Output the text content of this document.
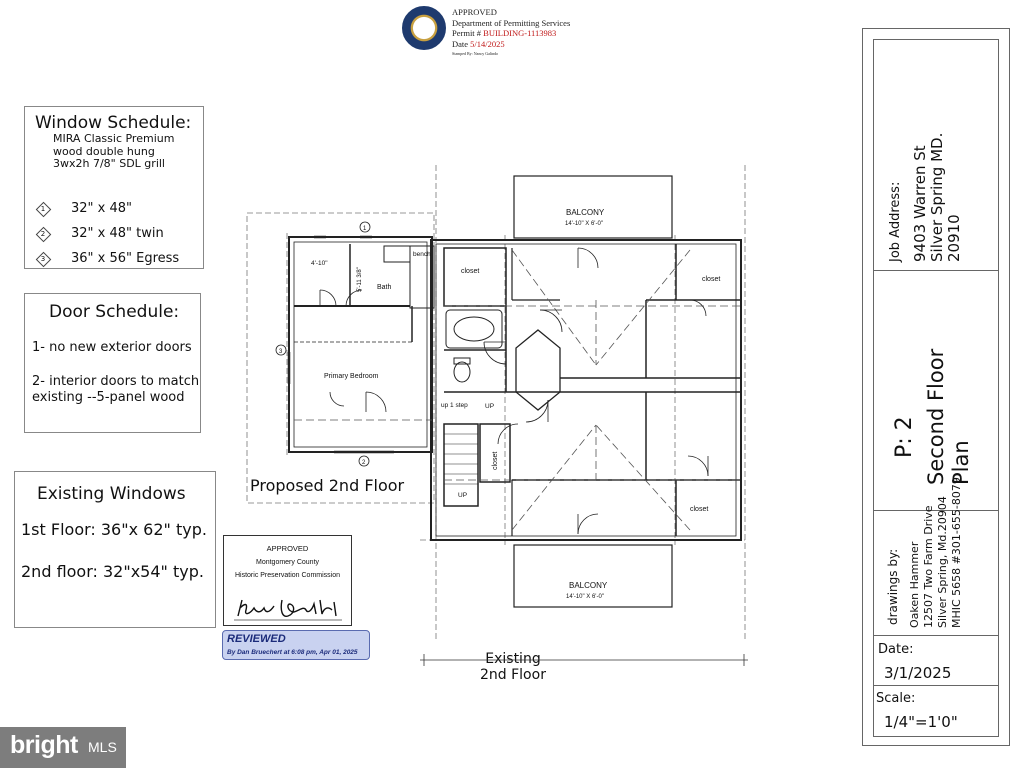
APPROVED
Department of Permitting Services
Permit # BUILDING-1113983
Date 5/14/2025
Stamped By: Nancy Galindo
Window Schedule:
MIRA Classic Premium
wood double hung
3wx2h 7/8" SDL grill
1 32" x 48"
2 32" x 48" twin
3 36" x 56" Egress
Door Schedule:
1- no new exterior doors
2- interior doors to match existing --5-panel wood
Existing Windows
1st Floor: 36"x 62" typ.
2nd floor: 32"x54" typ.
APPROVED
Montgomery County
Historic Preservation Commission
REVIEWED
By Dan Bruechert at 6:08 pm, Apr 01, 2025
Proposed 2nd Floor
Existing
2nd Floor
BALCONY
14'-10" X 6'-0"
BALCONY
14'-10" X 6'-0"
closet
closet
closet
closet
bench
Bath
Primary Bedroom
up 1 step	UP
UP
4'-10"
5'-11 3/8"
1
2
3
Job Address: 9403 Warren St Silver Spring MD. 20910
P: 2 Second Floor Plan
drawings by: Oaken Hammer 12507 Two Farm Drive Silver Spring, Md.20904 MHIC 5658 #301-655-8079
Date:
3/1/2025
Scale:
1/4"=1'0"
bright MLS
